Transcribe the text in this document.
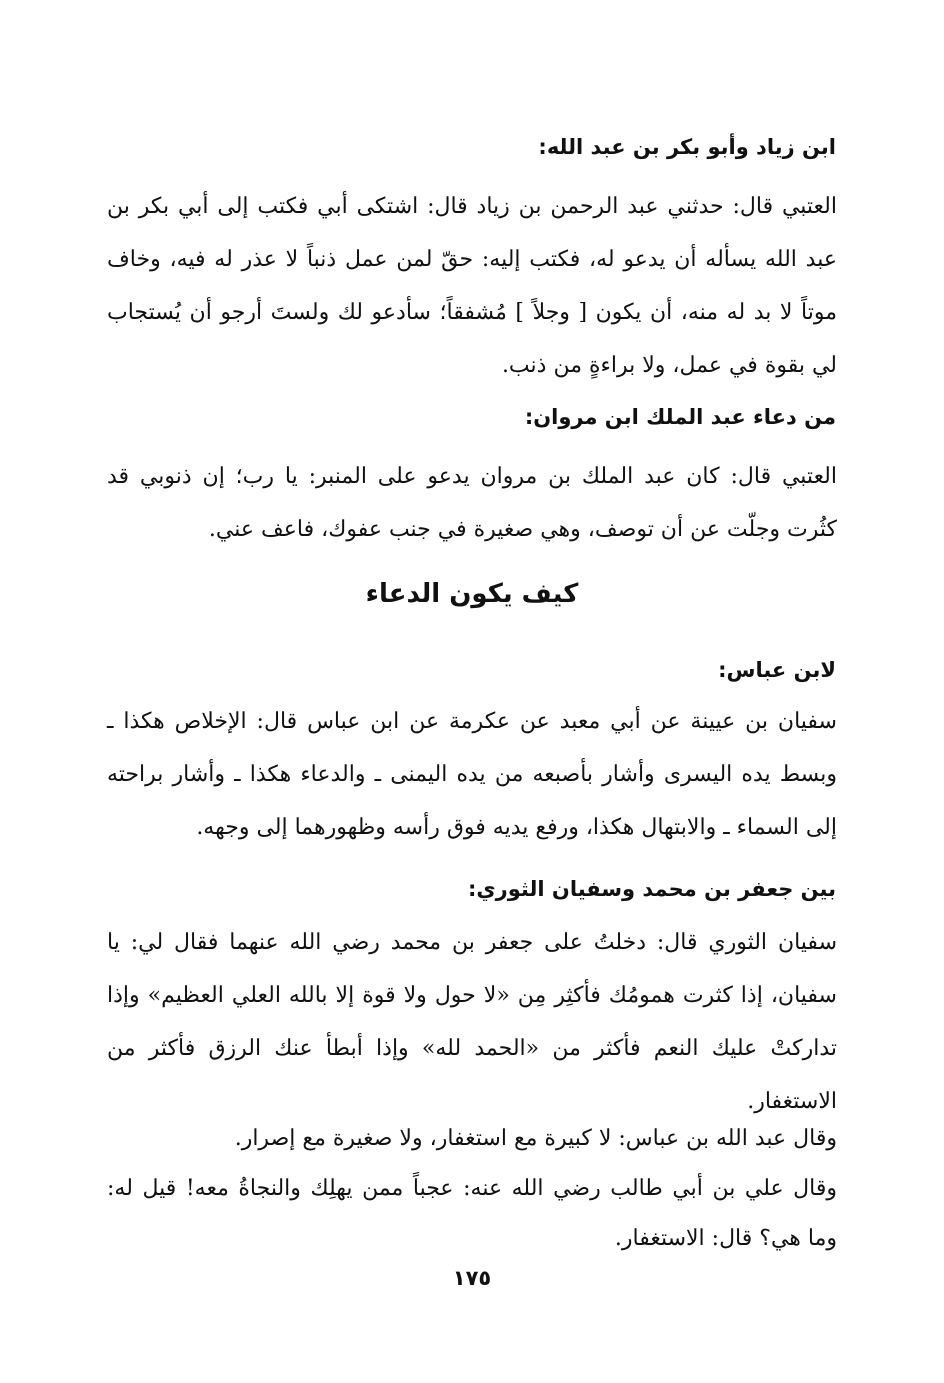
ابن زياد وأبو بكر بن عبد الله:
العتبي قال: حدثني عبد الرحمن بن زياد قال: اشتكى أبي فكتب إلى أبي بكر بن عبد الله يسأله أن يدعو له، فكتب إليه: حقّ لمن عمل ذنباً لا عذر له فيه، وخاف موتاً لا بد له منه، أن يكون [ وجلاً ] مُشفقاً؛ سأدعو لك ولستَ أرجو أن يُستجاب لي بقوة في عمل، ولا براءةٍ من ذنب.
من دعاء عبد الملك ابن مروان:
العتبي قال: كان عبد الملك بن مروان يدعو على المنبر: يا رب؛ إن ذنوبي قد كثُرت وجلّت عن أن توصف، وهي صغيرة في جنب عفوك، فاعف عني.
كيف يكون الدعاء
لابن عباس:
سفيان بن عيينة عن أبي معبد عن عكرمة عن ابن عباس قال: الإخلاص هكذا ـ وبسط يده اليسرى وأشار بأصبعه من يده اليمنى ـ والدعاء هكذا ـ وأشار براحته إلى السماء ـ والابتهال هكذا، ورفع يديه فوق رأسه وظهورهما إلى وجهه.
بين جعفر بن محمد وسفيان الثوري:
سفيان الثوري قال: دخلتُ على جعفر بن محمد رضي الله عنهما فقال لي: يا سفيان، إذا كثرت همومُك فأكثِر مِن «لا حول ولا قوة إلا بالله العلي العظيم» وإذا تداركتْ عليك النعم فأكثر من «الحمد لله» وإذا أبطأ عنك الرزق فأكثر من الاستغفار.
وقال عبد الله بن عباس: لا كبيرة مع استغفار، ولا صغيرة مع إصرار.
وقال علي بن أبي طالب رضي الله عنه: عجباً ممن يهلِك والنجاةُ معه! قيل له: وما هي؟ قال: الاستغفار.
١٧٥
